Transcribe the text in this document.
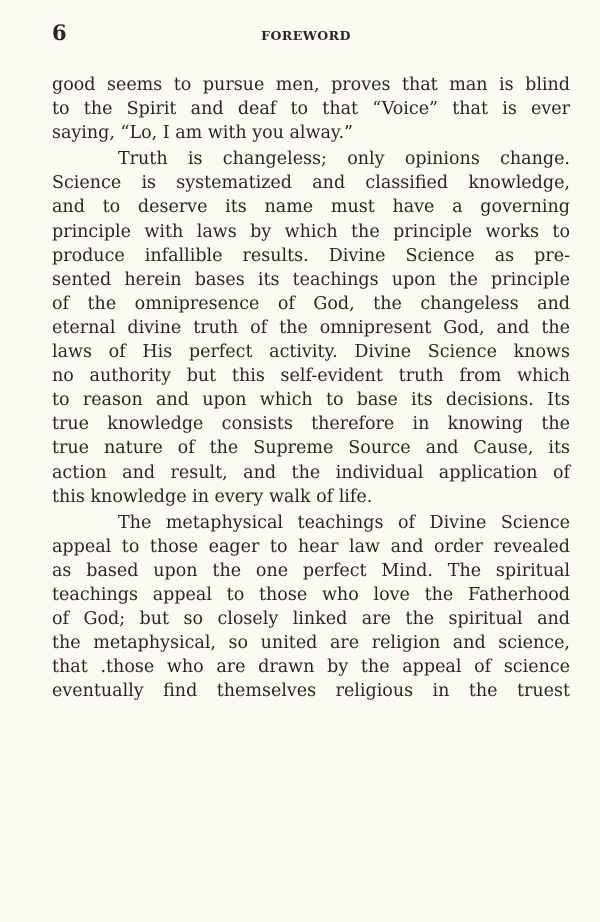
6	FOREWORD
good seems to pursue men, proves that man is blind
to the Spirit and deaf to that “Voice” that is ever
saying, “Lo, I am with you alway.”
Truth is changeless; only opinions change.
Science is systematized and classified knowledge,
and to deserve its name must have a governing
principle with laws by which the principle works to
produce infallible results. Divine Science as pre-
sented herein bases its teachings upon the principle
of the omnipresence of God, the changeless and
eternal divine truth of the omnipresent God, and the
laws of His perfect activity. Divine Science knows
no authority but this self-evident truth from which
to reason and upon which to base its decisions. Its
true knowledge consists therefore in knowing the
true nature of the Supreme Source and Cause, its
action and result, and the individual application of
this knowledge in every walk of life.
The metaphysical teachings of Divine Science
appeal to those eager to hear law and order revealed
as based upon the one perfect Mind. The spiritual
teachings appeal to those who love the Fatherhood
of God; but so closely linked are the spiritual and
the metaphysical, so united are religion and science,
that .those who are drawn by the appeal of science
eventually find themselves religious in the truest
